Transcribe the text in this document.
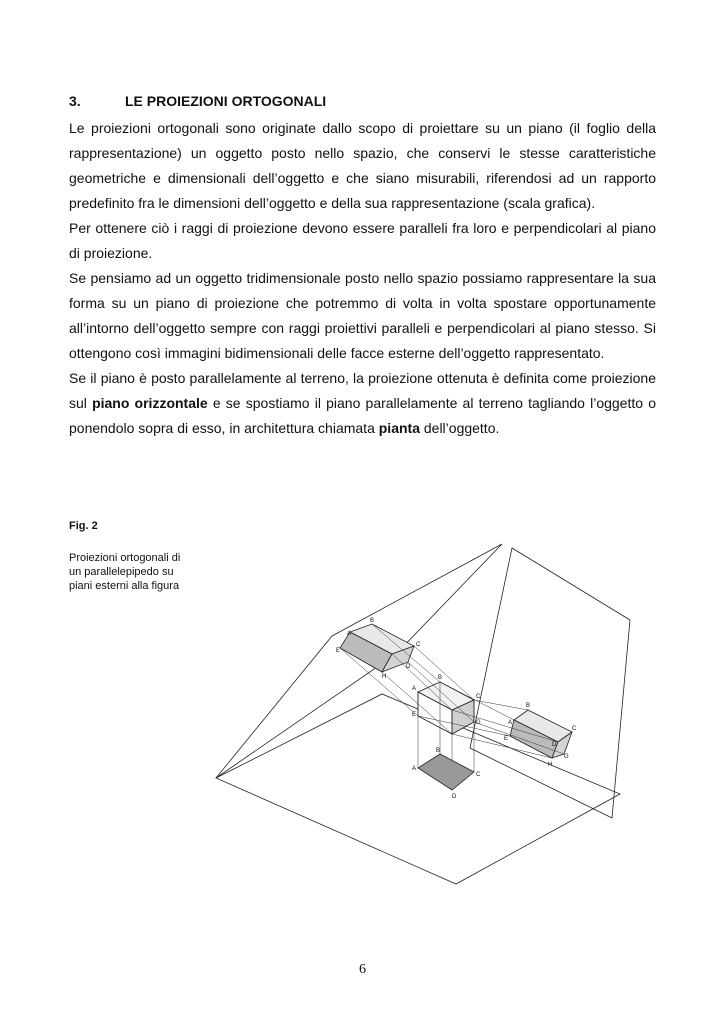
3.	LE PROIEZIONI ORTOGONALI

Le proiezioni ortogonali sono originate dallo scopo di proiettare su un piano (il foglio della rappresentazione) un oggetto posto nello spazio, che conservi le stesse caratteristiche geometriche e dimensionali dell’oggetto e che siano misurabili, riferendosi ad un rapporto predefinito fra le dimensioni dell’oggetto e della sua rappresentazione (scala grafica).

Per ottenere ciò i raggi di proiezione devono essere paralleli fra loro e perpendicolari al piano di proiezione.

Se pensiamo ad un oggetto tridimensionale posto nello spazio possiamo rappresentare la sua forma su un piano di proiezione che potremmo di volta in volta spostare opportunamente all’intorno dell’oggetto sempre con raggi proiettivi paralleli e perpendicolari al piano stesso. Si ottengono così immagini bidimensionali delle facce esterne dell’oggetto rappresentato.

Se il piano è posto parallelamente al terreno, la proiezione ottenuta è definita come proiezione sul piano orizzontale e se spostiamo il piano parallelamente al terreno tagliando l’oggetto o ponendolo sopra di esso, in architettura chiamata pianta dell’oggetto.

Fig. 2
Proiezioni ortogonali di un parallelepipedo su piani esterni alla figura
A
B
C
D
E
H
A
B
C
E
G	A
B
C
D
E
G
H
A
B
C
D
6
